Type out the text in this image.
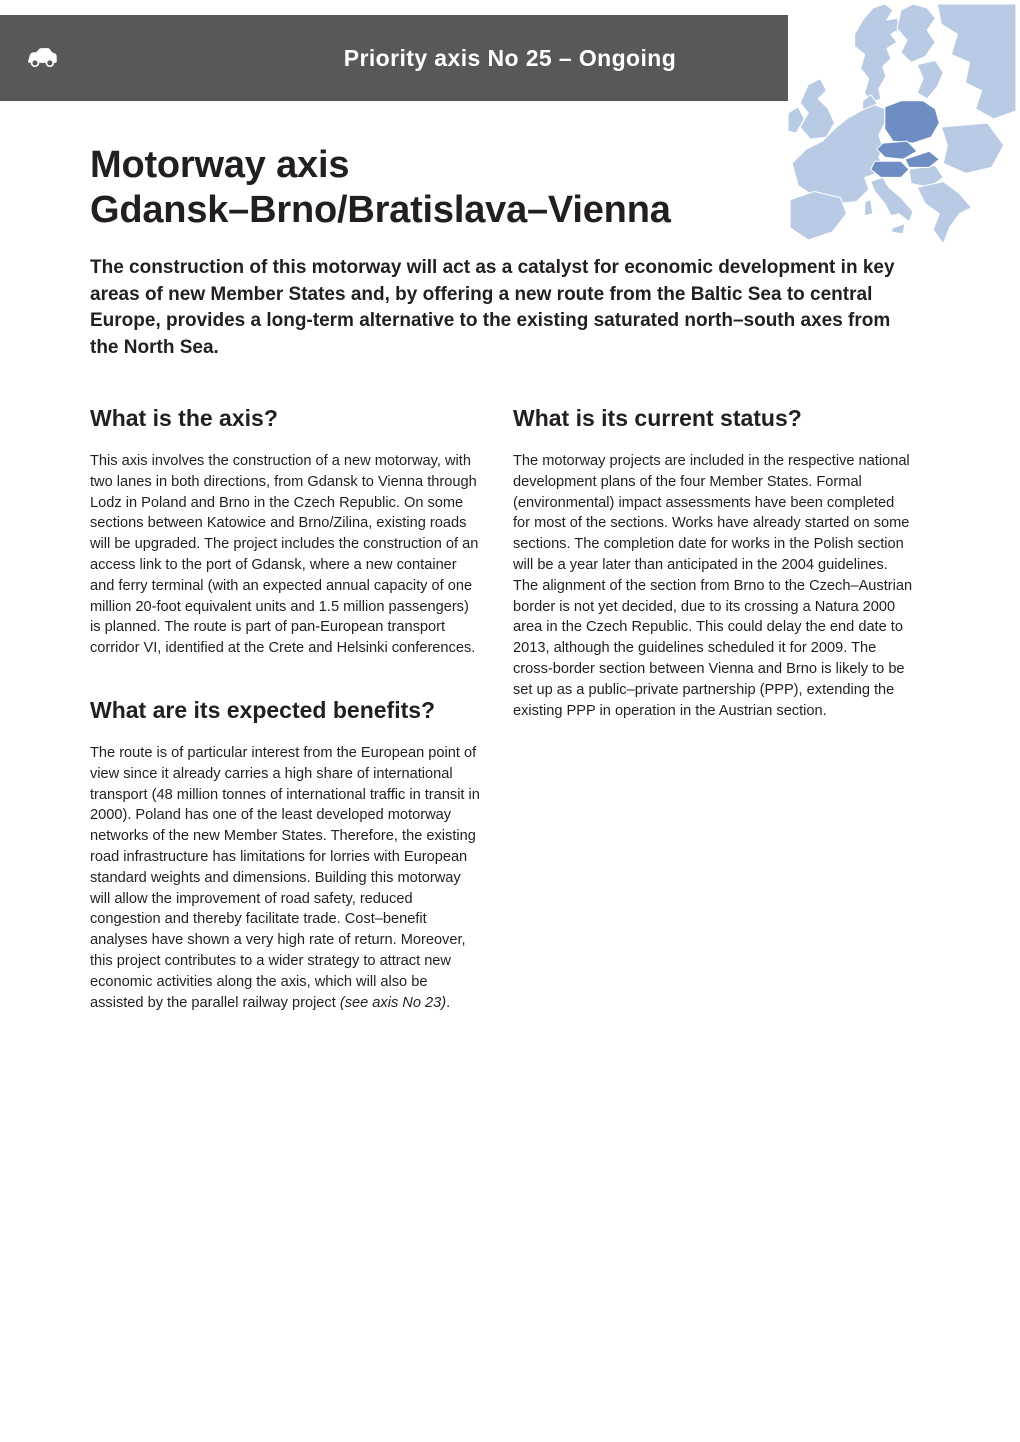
Priority axis No 25 – Ongoing
Motorway axis
Gdansk–Brno/Bratislava–Vienna

The construction of this motorway will act as a catalyst for economic development in key areas of new Member States and, by offering a new route from the Baltic Sea to central Europe, provides a long-term alternative to the existing saturated north–south axes from the North Sea.

What is the axis?

This axis involves the construction of a new motorway, with two lanes in both directions, from Gdansk to Vienna through Lodz in Poland and Brno in the Czech Republic. On some sections between Katowice and Brno/Zilina, existing roads will be upgraded. The project includes the construction of an access link to the port of Gdansk, where a new container and ferry terminal (with an expected annual capacity of one million 20-foot equivalent units and 1.5 million passengers) is planned. The route is part of pan-European transport corridor VI, identified at the Crete and Helsinki conferences.

What are its expected benefits?

The route is of particular interest from the European point of view since it already carries a high share of international transport (48 million tonnes of international traffic in transit in 2000). Poland has one of the least developed motorway networks of the new Member States. Therefore, the existing road infrastructure has limitations for lorries with European standard weights and dimensions. Building this motorway will allow the improvement of road safety, reduced congestion and thereby facilitate trade. Cost–benefit analyses have shown a very high rate of return. Moreover, this project contributes to a wider strategy to attract new economic activities along the axis, which will also be assisted by the parallel railway project (see axis No 23).

What is its current status?

The motorway projects are included in the respective national development plans of the four Member States. Formal (environmental) impact assessments have been completed for most of the sections. Works have already started on some sections. The completion date for works in the Polish section will be a year later than anticipated in the 2004 guidelines. The alignment of the section from Brno to the Czech–Austrian border is not yet decided, due to its crossing a Natura 2000 area in the Czech Republic. This could delay the end date to 2013, although the guidelines scheduled it for 2009. The cross-border section between Vienna and Brno is likely to be set up as a public–private partnership (PPP), extending the existing PPP in operation in the Austrian section.
